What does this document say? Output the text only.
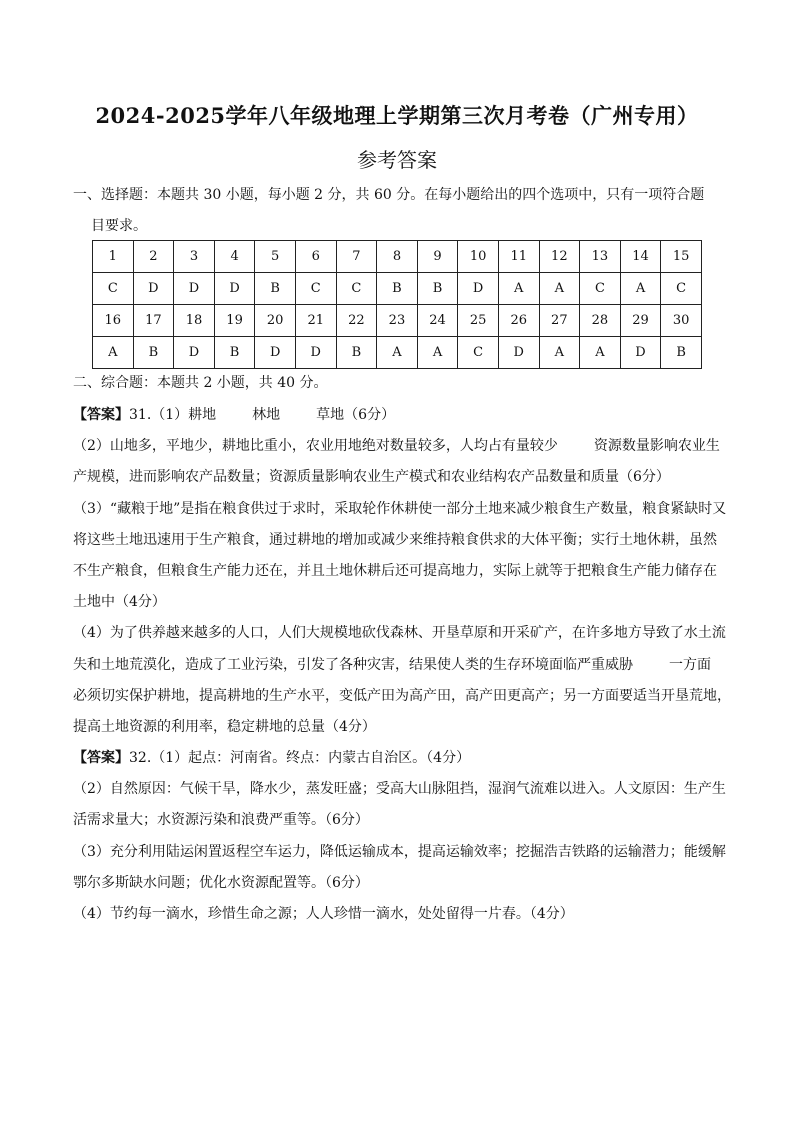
2024-2025学年八年级地理上学期第三次月考卷（广州专用）
参考答案

一、选择题：本题共 30 小题，每小题 2 分，共 60 分。在每小题给出的四个选项中，只有一项符合题
目要求。

1	2	3	4	5	6	7	8	9	10	11	12	13	14	15
C	D	D	D	B	C	C	B	B	D	A	A	C	A	C
16	17	18	19	20	21	22	23	24	25	26	27	28	29	30
A	B	D	B	D	D	B	A	A	C	D	A	A	D	B

二、综合题：本题共 2 小题，共 40 分。

【答案】31.（1）耕地	林地	草地（6分）
（2）山地多，平地少，耕地比重小，农业用地绝对数量较多，人均占有量较少	资源数量影响农业生
产规模，进而影响农产品数量；资源质量影响农业生产模式和农业结构农产品数量和质量（6分）
（3）“藏粮于地”是指在粮食供过于求时，采取轮作休耕使一部分土地来减少粮食生产数量，粮食紧缺时又
将这些土地迅速用于生产粮食，通过耕地的增加或减少来维持粮食供求的大体平衡；实行土地休耕，虽然
不生产粮食，但粮食生产能力还在，并且土地休耕后还可提高地力，实际上就等于把粮食生产能力储存在
土地中（4分）
（4）为了供养越来越多的人口，人们大规模地砍伐森林、开垦草原和开采矿产，在许多地方导致了水土流
失和土地荒漠化，造成了工业污染，引发了各种灾害，结果使人类的生存环境面临严重威胁	一方面
必须切实保护耕地，提高耕地的生产水平，变低产田为高产田，高产田更高产；另一方面要适当开垦荒地，
提高土地资源的利用率，稳定耕地的总量（4分）

【答案】32.（1）起点：河南省。终点：内蒙古自治区。（4分）
（2）自然原因：气候干旱，降水少，蒸发旺盛；受高大山脉阻挡，湿润气流难以进入。人文原因：生产生
活需求量大；水资源污染和浪费严重等。（6分）
（3）充分利用陆运闲置返程空车运力，降低运输成本，提高运输效率；挖掘浩吉铁路的运输潜力；能缓解
鄂尔多斯缺水问题；优化水资源配置等。（6分）
（4）节约每一滴水，珍惜生命之源；人人珍惜一滴水，处处留得一片春。（4分）
